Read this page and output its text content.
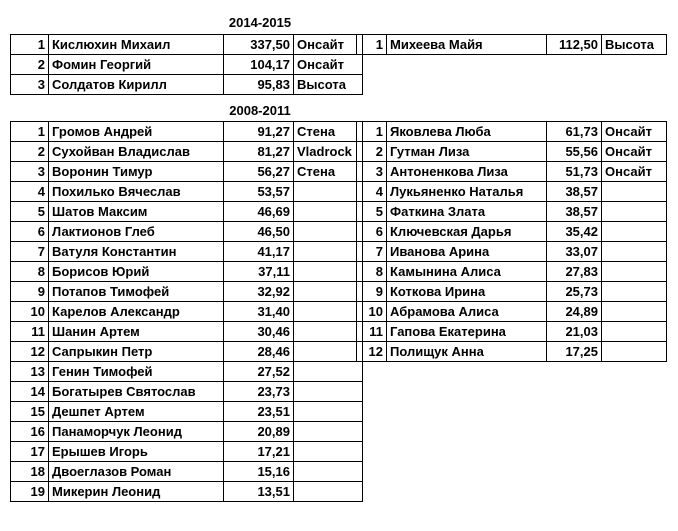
2014-2015
1	Кислюхин Михаил	337,50	Онсайт
2	Фомин Георгий	104,17	Онсайт
3	Солдатов Кирилл	95,83	Высота
1	Михеева Майя	112,50	Высота
2008-2011
1	Громов Андрей	91,27	Стена
2	Сухойван Владислав	81,27	Vladrock
3	Воронин Тимур	56,27	Стена
4	Похилько Вячеслав	53,57	
5	Шатов Максим	46,69	
6	Лактионов Глеб	46,50	
7	Ватуля Константин	41,17	
8	Борисов Юрий	37,11	
9	Потапов Тимофей	32,92	
10	Карелов Александр	31,40	
11	Шанин Артем	30,46	
12	Сапрыкин Петр	28,46	
13	Генин Тимофей	27,52	
14	Богатырев Святослав	23,73	
15	Дешпет Артем	23,51	
16	Панаморчук Леонид	20,89	
17	Ерышев Игорь	17,21	
18	Двоеглазов Роман	15,16	
19	Микерин Леонид	13,51	
1	Яковлева Люба	61,73	Онсайт
2	Гутман Лиза	55,56	Онсайт
3	Антоненкова Лиза	51,73	Онсайт
4	Лукьяненко Наталья	38,57	
5	Фаткина Злата	38,57	
6	Ключевская Дарья	35,42	
7	Иванова Арина	33,07	
8	Камынина Алиса	27,83	
9	Коткова Ирина	25,73	
10	Абрамова Алиса	24,89	
11	Гапова Екатерина	21,03	
12	Полищук Анна	17,25	
